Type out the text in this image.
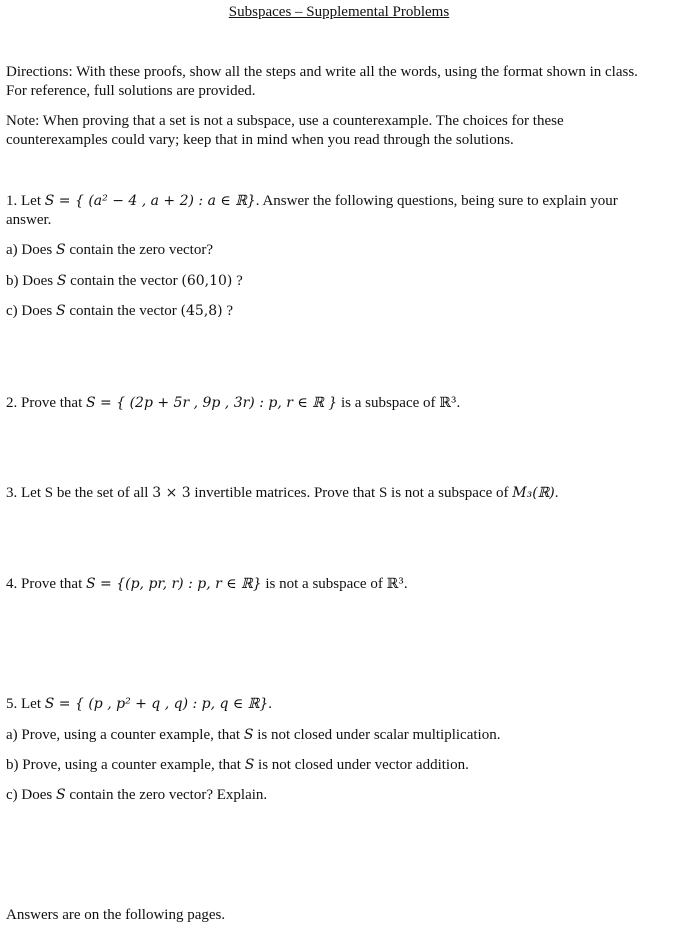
Subspaces – Supplemental Problems
Directions: With these proofs, show all the steps and write all the words, using the format shown in class.
For reference, full solutions are provided.
Note: When proving that a set is not a subspace, use a counterexample. The choices for these
counterexamples could vary; keep that in mind when you read through the solutions.
1. Let S = { (a² − 4 , a + 2) : a ∈ ℝ}. Answer the following questions, being sure to explain your
answer.
a) Does S contain the zero vector?
b) Does S contain the vector (60,10) ?
c) Does S contain the vector (45,8) ?
2. Prove that S = { (2p + 5r , 9p , 3r) : p, r ∈ ℝ } is a subspace of ℝ³.
3. Let S be the set of all 3 × 3 invertible matrices. Prove that S is not a subspace of M₃(ℝ).
4. Prove that S = {(p, pr, r) : p, r ∈ ℝ} is not a subspace of ℝ³.
5. Let S = { (p , p² + q , q) : p, q ∈ ℝ}.
a) Prove, using a counter example, that S is not closed under scalar multiplication.
b) Prove, using a counter example, that S is not closed under vector addition.
c) Does S contain the zero vector? Explain.
Answers are on the following pages.
